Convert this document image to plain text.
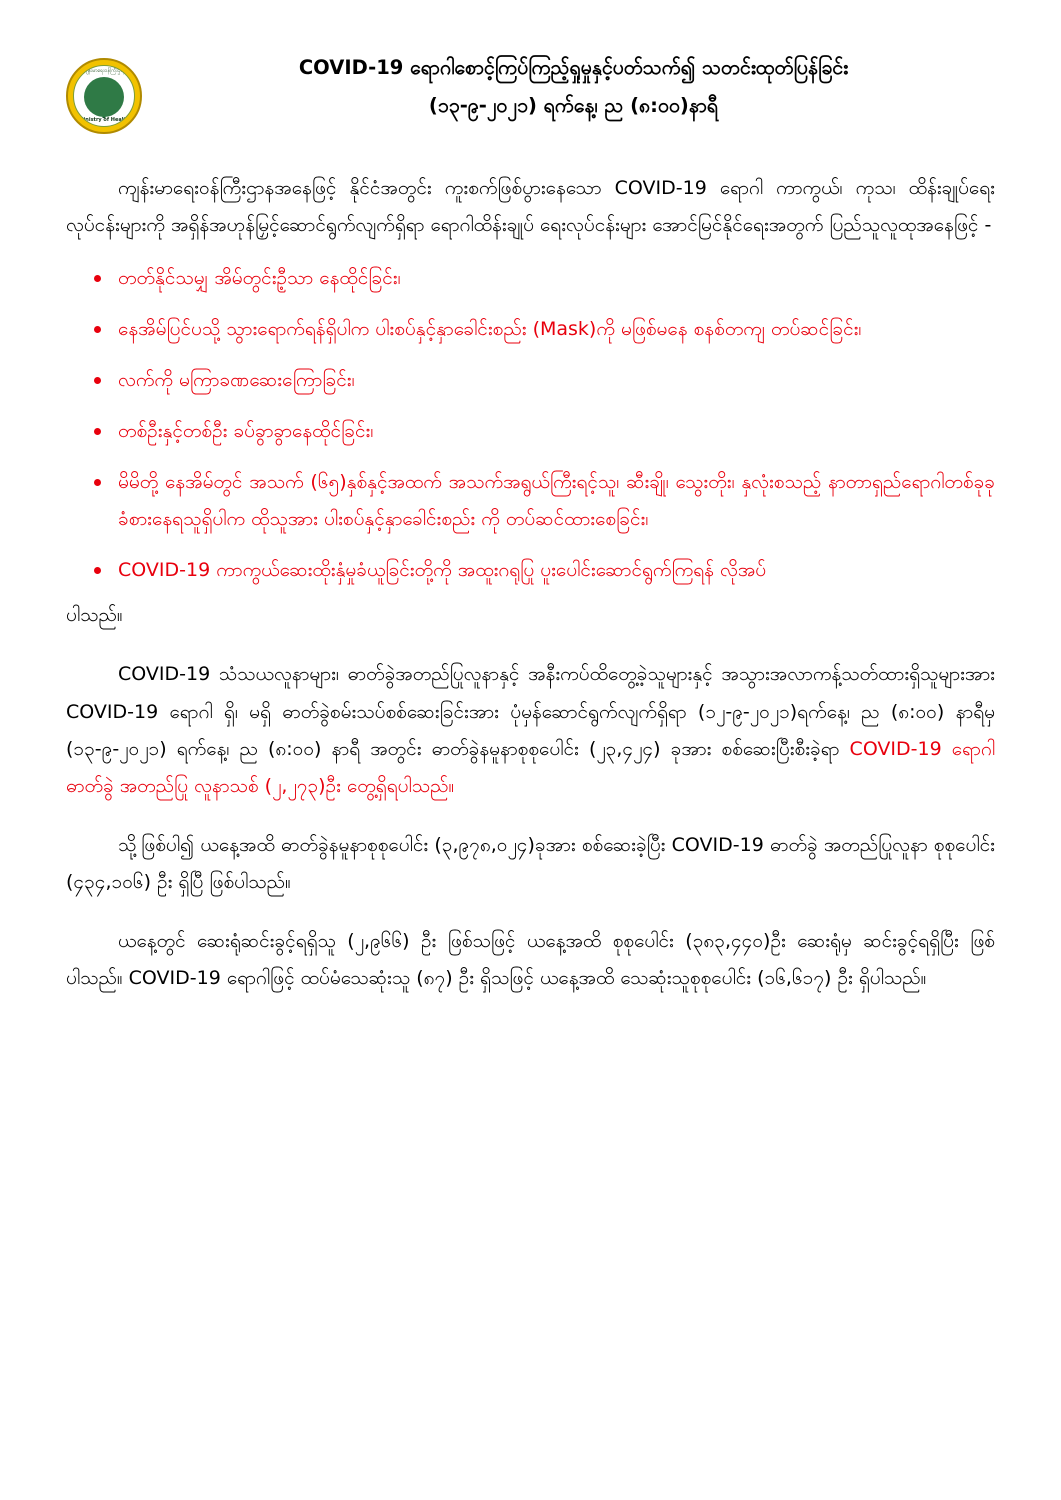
ကျန်းမာရေးဝန်ကြီးဌာန
Ministry of Health
COVID-19 ရောဂါစောင့်ကြပ်ကြည့်ရှုမှုနှင့်ပတ်သက်၍ သတင်းထုတ်ပြန်ခြင်း
(၁၃-၉-၂၀၂၁) ရက်နေ့၊ ည (၈:၀၀)နာရီ
ကျန်းမာရေးဝန်ကြီးဌာနအနေဖြင့် နိုင်ငံအတွင်း ကူးစက်ဖြစ်ပွားနေသော COVID-19 ရောဂါ ကာကွယ်၊ ကုသ၊ ထိန်းချုပ်ရေးလုပ်ငန်းများကို အရှိန်အဟုန်မြှင့်ဆောင်ရွက်လျက်ရှိရာ ရောဂါထိန်းချုပ် ရေးလုပ်ငန်းများ အောင်မြင်နိုင်ရေးအတွက် ပြည်သူလူထုအနေဖြင့် -
တတ်နိုင်သမျှ အိမ်တွင်းဦ့သာ နေထိုင်ခြင်း၊
နေအိမ်ပြင်ပသို့ သွားရောက်ရန်ရှိပါက ပါးစပ်နှင့်နှာခေါင်းစည်း (Mask)ကို မဖြစ်မနေ စနစ်တကျ တပ်ဆင်ခြင်း၊
လက်ကို မကြာခဏဆေးကြောခြင်း၊
တစ်ဦးနှင့်တစ်ဦး ခပ်ခွာခွာနေထိုင်ခြင်း၊
မိမိတို့ နေအိမ်တွင် အသက် (၆၅)နှစ်နှင့်အထက် အသက်အရွယ်ကြီးရင့်သူ၊ ဆီးချို၊ သွေးတိုး၊ နှလုံးစသည့် နာတာရှည်ရောဂါတစ်ခုခု ခံစားနေရသူရှိပါက ထိုသူအား ပါးစပ်နှင့်နှာခေါင်းစည်း ကို တပ်ဆင်ထားစေခြင်း၊
COVID-19 ကာကွယ်ဆေးထိုးနှံမှုခံယူခြင်းတို့ကို အထူးဂရုပြု ပူးပေါင်းဆောင်ရွက်ကြရန် လိုအပ်
ပါသည်။
COVID-19 သံသယလူနာများ၊ ဓာတ်ခွဲအတည်ပြုလူနာနှင့် အနီးကပ်ထိတွေ့ခဲ့သူများနှင့် အသွားအလာကန့်သတ်ထားရှိသူများအား COVID-19 ရောဂါ ရှိ၊ မရှိ ဓာတ်ခွဲစမ်းသပ်စစ်ဆေးခြင်းအား ပုံမှန်ဆောင်ရွက်လျက်ရှိရာ (၁၂-၉-၂၀၂၁)ရက်နေ့၊ ည (၈:၀၀) နာရီမှ (၁၃-၉-၂၀၂၁) ရက်နေ့၊ ည (၈:၀၀) နာရီ အတွင်း ဓာတ်ခွဲနမူနာစုစုပေါင်း (၂၃,၄၂၄) ခုအား စစ်ဆေးပြီးစီးခဲ့ရာ COVID-19 ရောဂါ ဓာတ်ခွဲ အတည်ပြု လူနာသစ် (၂,၂၇၃)ဦး တွေ့ရှိရပါသည်။
သို့ဖြစ်ပါ၍ ယနေ့အထိ ဓာတ်ခွဲနမူနာစုစုပေါင်း (၃,၉၇၈,၀၂၄)ခုအား စစ်ဆေးခဲ့ပြီး COVID-19 ဓာတ်ခွဲ အတည်ပြုလူနာ စုစုပေါင်း (၄၃၄,၁၀၆) ဦး ရှိပြီ ဖြစ်ပါသည်။
ယနေ့တွင် ဆေးရုံဆင်းခွင့်ရရှိသူ (၂,၉၆၆) ဦး ဖြစ်သဖြင့် ယနေ့အထိ စုစုပေါင်း (၃၈၃,၄၄၀)ဦး ဆေးရုံမှ ဆင်းခွင့်ရရှိပြီး ဖြစ်ပါသည်။ COVID-19 ရောဂါဖြင့် ထပ်မံသေဆုံးသူ (၈၇) ဦး ရှိသဖြင့် ယနေ့အထိ သေဆုံးသူစုစုပေါင်း (၁၆,၆၁၇) ဦး ရှိပါသည်။
